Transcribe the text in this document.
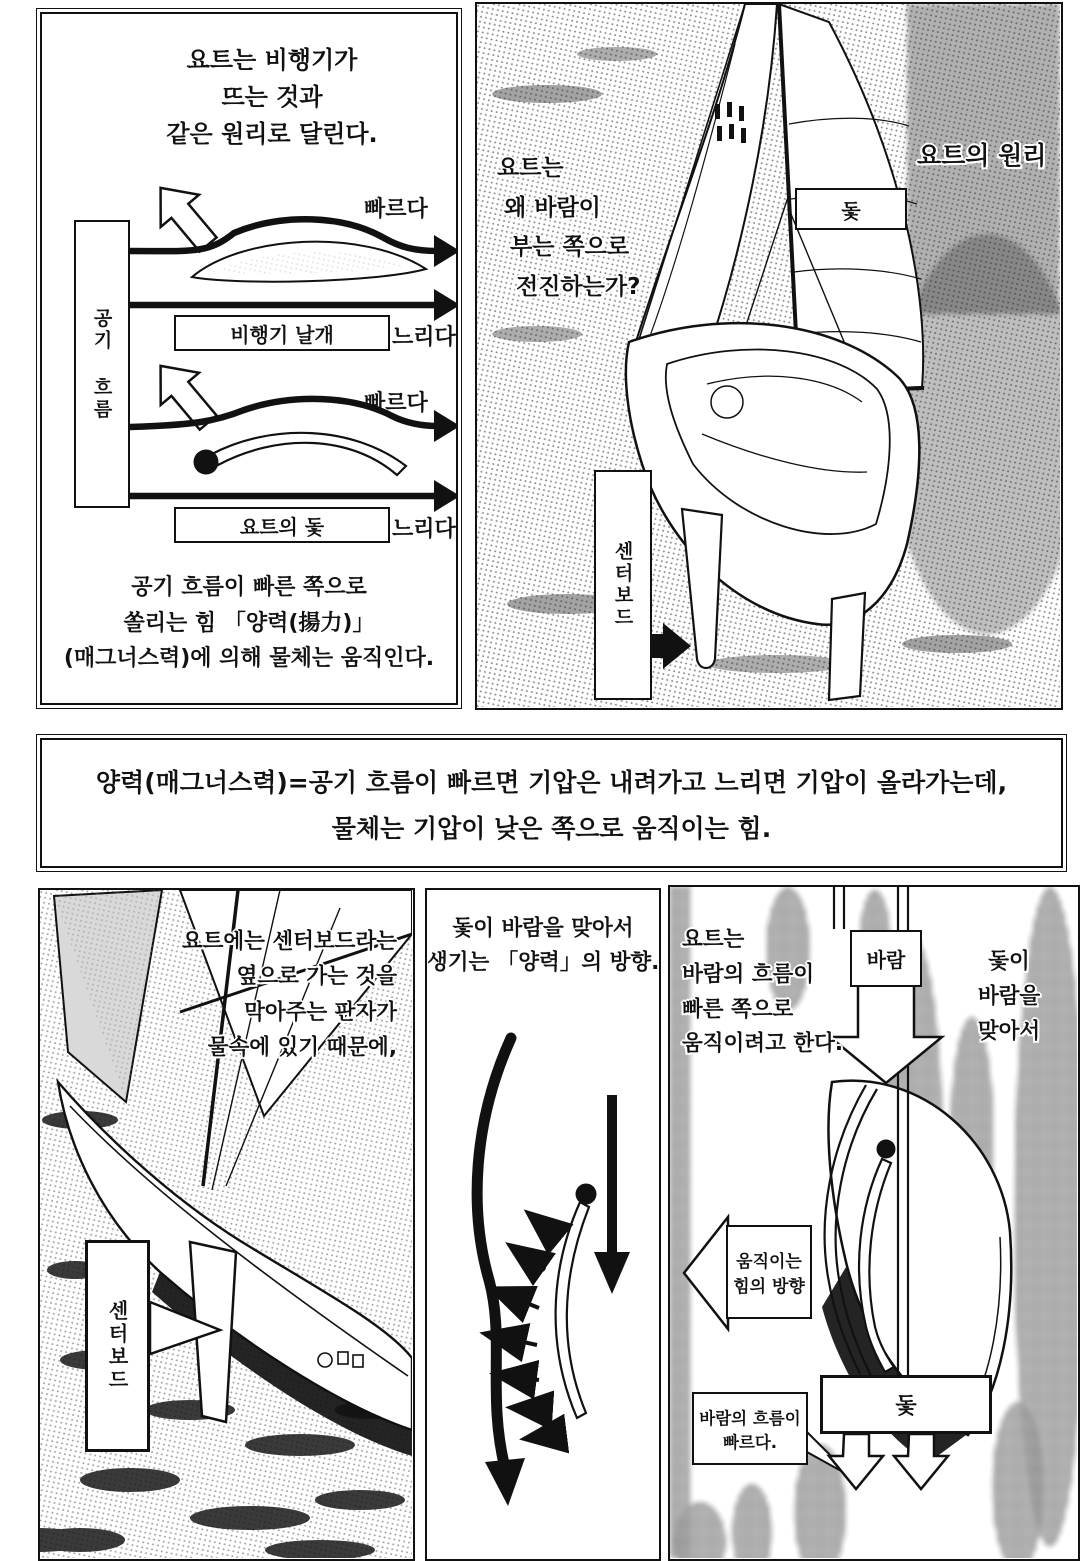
요트는 비행기가
뜨는 것과
같은 원리로 달린다.
공기 흐름
빠르다
비행기 날개	느리다
빠르다
요트의 돛	느리다
공기 흐름이 빠른 쪽으로
쏠리는 힘 「양력(揚力)」
(매그너스력)에 의해 물체는 움직인다.
요트는
왜 바람이
부는 쪽으로
전진하는가?
요트의 원리
돛
센터보드
양력(매그너스력)=공기 흐름이 빠르면 기압은 내려가고 느리면 기압이 올라가는데,
물체는 기압이 낮은 쪽으로 움직이는 힘.
요트에는 센터보드라는
옆으로 가는 것을
막아주는 판자가
물속에 있기 때문에,
센터보드
돛이 바람을 맞아서
생기는 「양력」의 방향.
요트는
바람의 흐름이
빠른 쪽으로
움직이려고 한다.
바람	돛이
바람을
맞아서
움직이는
힘의 방향
바람의 흐름이
빠르다.
돛
